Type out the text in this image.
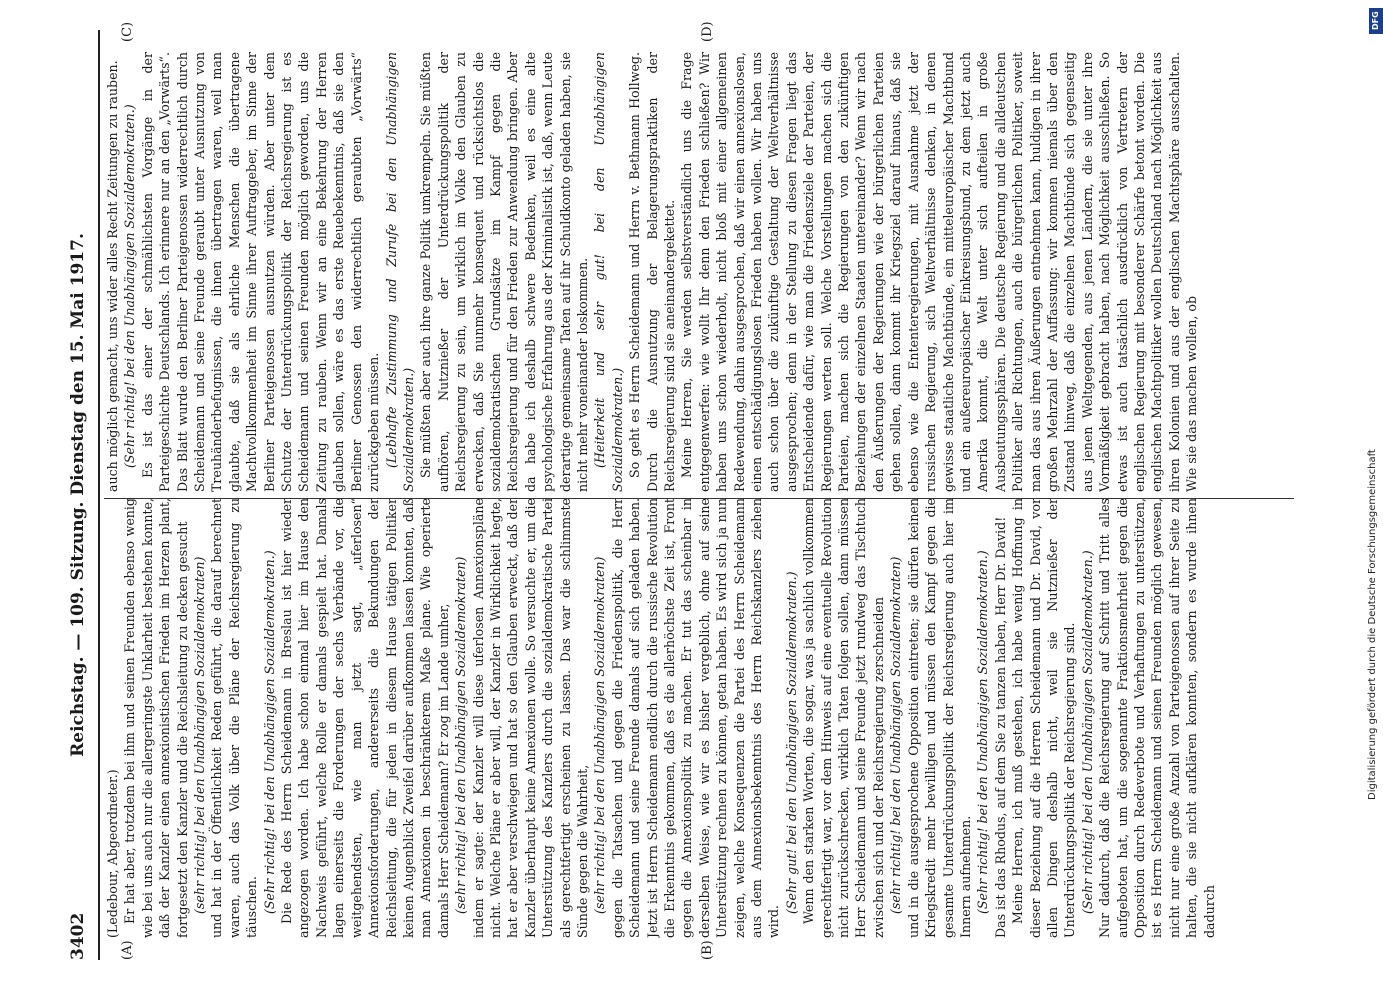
3402
Reichstag. — 109. Sitzung. Dienstag den 15. Mai 1917.
(A)	(B)
(C)	(D)

(Ledebour, Abgeordneter.) Er hat aber, trotzdem bei ihm und seinen Freunden ebenso wenig wie bei uns auch nur die allergeringste Unklarheit bestehen konnte, daß der Kanzler einen annexionistischen Frieden im Herzen plant, fortgesetzt den Kanzler und die Reichsleitung zu decken gesucht (sehr richtig! bei den Unabhängigen Sozialdemokraten) und hat in der Öffentlichkeit Reden geführt, die darauf berechnet waren, auch das Volk über die Pläne der Reichsregierung zu täuschen. (Sehr richtig! bei den Unabhängigen Sozialdemokraten.) Die Rede des Herrn Scheidemann in Breslau ist hier wieder angezogen worden. Ich habe schon einmal hier im Hause den Nachweis geführt, welche Rolle er damals gespielt hat. Damals lagen einerseits die Forderungen der sechs Verbände vor, die weitgehendsten, wie man jetzt sagt, „uferlosen“ Annexionsforderungen, andererseits die Bekundungen der Reichsleitung, die für jeden in diesem Hause tätigen Politiker keinen Augenblick Zweifel darüber aufkommen lassen konnten, daß man Annexionen in beschränkterem Maße plane. Wie operierte damals Herr Scheidemann? Er zog im Lande umher, (sehr richtig! bei den Unabhängigen Sozialdemokraten) indem er sagte: der Kanzler will diese uferlosen Annexionspläne nicht. Welche Pläne er aber will, der Kanzler in Wirklichkeit hegte, hat er aber verschwiegen und hat so den Glauben erweckt, daß der Kanzler überhaupt keine Annexionen wolle. So versuchte er, um die Unterstützung des Kanzlers durch die sozialdemokratische Partei als gerechtfertigt erscheinen zu lassen. Das war die schlimmste Sünde gegen die Wahrheit, (sehr richtig! bei den Unabhängigen Sozialdemokraten) gegen die Tatsachen und gegen die Friedenspolitik, die Herr Scheidemann und seine Freunde damals auf sich geladen haben. Jetzt ist Herrn Scheidemann endlich durch die russische Revolution die Erkenntnis gekommen, daß es die allerhöchste Zeit ist, Front gegen die Annexionspolitik zu machen. Er tut das scheinbar in derselben Weise, wie wir es bisher vergeblich, ohne auf seine Unterstützung rechnen zu können, getan haben. Es wird sich ja nun zeigen, welche Konsequenzen die Partei des Herrn Scheidemann aus dem Annexionsbekenntnis des Herrn Reichskanzlers ziehen wird.

(Sehr gut! bei den Unabhängigen Sozialdemokraten.) Wenn den starken Worten, die sogar, was ja sachlich vollkommen gerechtfertigt war, vor dem Hinweis auf eine eventuelle Revolution nicht zurückschrecken, wirklich Taten folgen sollen, dann müssen Herr Scheidemann und seine Freunde jetzt rundweg das Tischtuch zwischen sich und der Reichsregierung zerschneiden (sehr richtig! bei den Unabhängigen Sozialdemokraten) und in die ausgesprochene Opposition eintreten; sie dürfen keinen Kriegskredit mehr bewilligen und müssen den Kampf gegen die gesamte Unterdrückungspolitik der Reichsregierung auch hier im Innern aufnehmen. (Sehr richtig! bei den Unabhängigen Sozialdemokraten.) Das ist das Rhodus, auf dem Sie zu tanzen haben, Herr Dr. David! Meine Herren, ich muß gestehen, ich habe wenig Hoffnung in dieser Beziehung auf die Herren Scheidemann und Dr. David, vor allen Dingen deshalb nicht, weil sie Nutznießer der Unterdrückungspolitik der Reichsregierung sind. (Sehr richtig! bei den Unabhängigen Sozialdemokraten.) Nur dadurch, daß die Reichsregierung auf Schritt und Tritt alles aufgeboten hat, um die sogenannte Fraktionsmehrheit gegen die Opposition durch Redeverbote und Verhaftungen zu unterstützen, ist es Herrn Scheidemann und seinen Freunden möglich gewesen, nicht nur eine große Anzahl von Parteigenossen auf ihrer Seite zu halten, die sie nicht aufklären konnten, sondern es wurde ihnen dadurch

auch möglich gemacht, uns wider alles Recht Zeitungen zu rauben. (Sehr richtig! bei den Unabhängigen Sozialdemokraten.) Es ist das einer der schmählichsten Vorgänge in der Parteigeschichte Deutschlands. Ich erinnere nur an den „Vorwärts“. Das Blatt wurde den Berliner Parteigenossen widerrechtlich durch Scheidemann und seine Freunde geraubt unter Ausnutzung von Treuhänderbefugnissen, die ihnen übertragen waren, weil man glaubte, daß sie als ehrliche Menschen die übertragene Machtvollkommenheit im Sinne ihrer Auftraggeber, im Sinne der Berliner Parteigenossen ausnutzen würden. Aber unter dem Schutze der Unterdrückungspolitik der Reichsregierung ist es Scheidemann und seinen Freunden möglich geworden, uns die Zeitung zu rauben. Wenn wir an eine Bekehrung der Herren glauben sollen, wäre es das erste Reuebekenntnis, daß sie den Berliner Genossen den widerrechtlich geraubten „Vorwärts“ zurückgeben müssen. (Lebhafte Zustimmung und Zurufe bei den Unabhängigen Sozialdemokraten.) Sie müßten aber auch ihre ganze Politik umkrempeln. Sie müßten aufhören, Nutznießer der Unterdrückungspolitik der Reichsregierung zu sein, um wirklich im Volke den Glauben zu erwecken, daß Sie nunmehr konsequent und rücksichtslos die sozialdemokratischen Grundsätze im Kampf gegen die Reichsregierung und für den Frieden zur Anwendung bringen. Aber da habe ich deshalb schwere Bedenken, weil es eine alte psychologische Erfahrung aus der Kriminalistik ist, daß, wenn Leute derartige gemeinsame Taten auf ihr Schuldkonto geladen haben, sie nicht mehr voneinander loskommen. (Heiterkeit und sehr gut! bei den Unabhängigen Sozialdemokraten.) So geht es Herrn Scheidemann und Herrn v. Bethmann Hollweg. Durch die Ausnutzung der Belagerungspraktiken der Reichsregierung sind sie aneinandergekettet. Meine Herren, Sie werden selbstverständlich uns die Frage entgegenwerfen: wie wollt Ihr denn den Frieden schließen? Wir haben uns schon wiederholt, nicht bloß mit einer allgemeinen Redewendung, dahin ausgesprochen, daß wir einen annexionslosen, einen entschädigungslosen Frieden haben wollen. Wir haben uns auch schon über die zukünftige Gestaltung der Weltverhältnisse ausgesprochen; denn in der Stellung zu diesen Fragen liegt das Entscheidende dafür, wie man die Friedensziele der Parteien, der Regierungen werten soll. Welche Vorstellungen machen sich die Parteien, machen sich die Regierungen von den zukünftigen Beziehungen der einzelnen Staaten untereinander? Wenn wir nach den Äußerungen der Regierungen wie der bürgerlichen Parteien gehen sollen, dann kommt ihr Kriegsziel darauf hinaus, daß sie ebenso wie die Ententeregierungen, mit Ausnahme jetzt der russischen Regierung, sich Weltverhältnisse denken, in denen gewisse staatliche Machtbünde, ein mitteleuropäischer Machtbund und ein außereuropäischer Einkreisungsbund, zu dem jetzt auch Amerika kommt, die Welt unter sich aufteilen in große Ausbeutungssphären. Die deutsche Regierung und die alldeutschen Politiker aller Richtungen, auch die bürgerlichen Politiker, soweit man das aus ihren Äußerungen entnehmen kann, huldigen in ihrer großen Mehrzahl der Auffassung: wir kommen niemals über den Zustand hinweg, daß die einzelnen Machtbünde sich gegenseitig aus jenen Weltgegenden, aus jenen Ländern, die sie unter ihre Vormäßigkeit gebracht haben, nach Möglichkeit ausschließen. So etwas ist auch tatsächlich ausdrücklich von Vertretern der englischen Regierung mit besonderer Schärfe betont worden. Die englischen Machtpolitiker wollen Deutschland nach Möglichkeit aus ihren Kolonien und aus der englischen Machtsphäre ausschalten. Wie sie das machen wollen, ob

DFG
Digitalisierung gefördert durch die Deutsche Forschungsgemeinschaft
